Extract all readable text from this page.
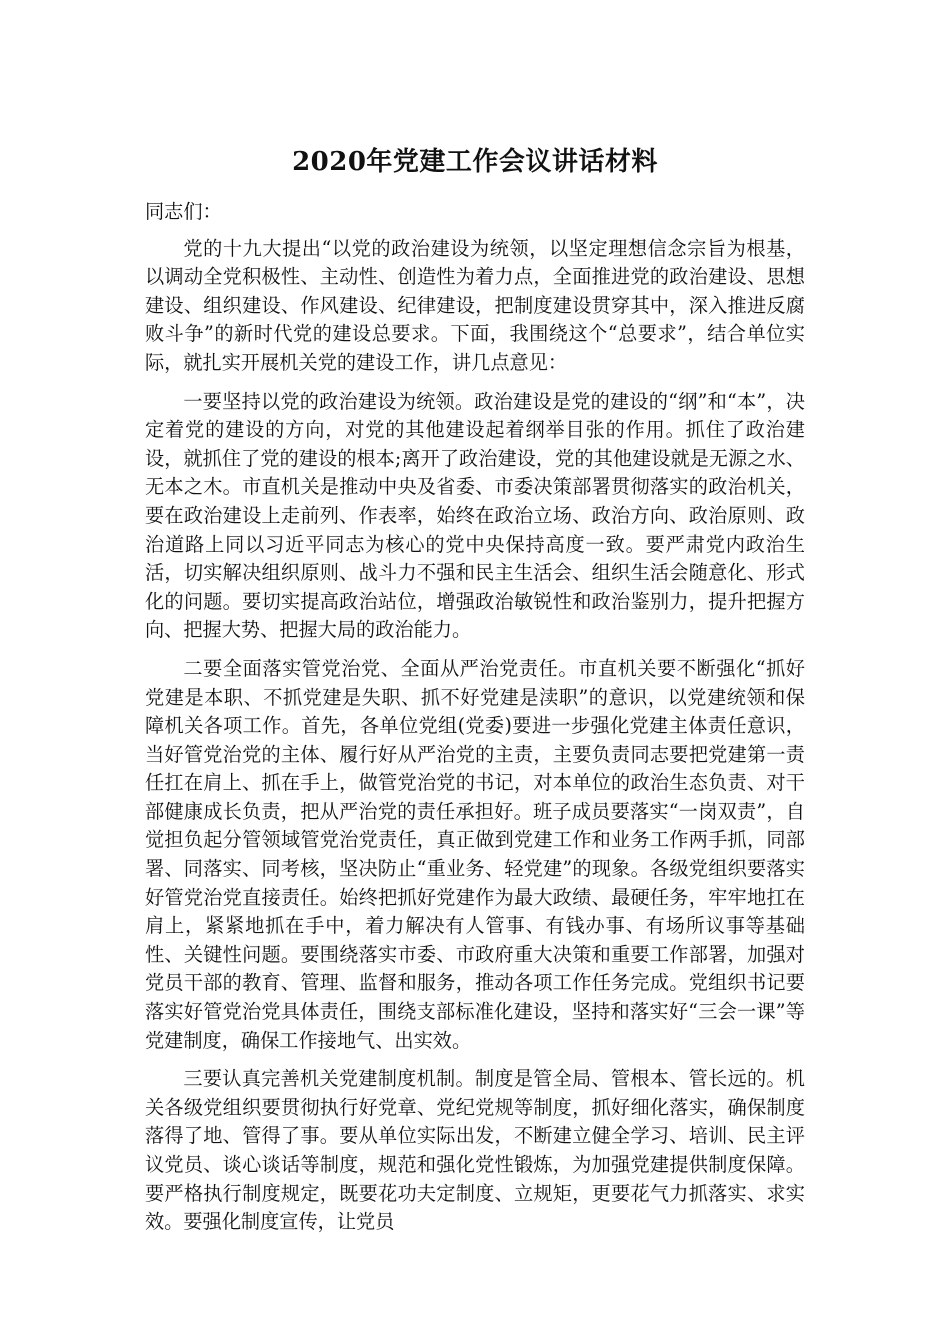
2020年党建工作会议讲话材料

同志们：

党的十九大提出“以党的政治建设为统领，以坚定理想信念宗旨为根基，以调动全党积极性、主动性、创造性为着力点，全面推进党的政治建设、思想建设、组织建设、作风建设、纪律建设，把制度建设贯穿其中，深入推进反腐败斗争”的新时代党的建设总要求。下面，我围绕这个“总要求”，结合单位实际，就扎实开展机关党的建设工作，讲几点意见：

一要坚持以党的政治建设为统领。政治建设是党的建设的“纲”和“本”，决定着党的建设的方向，对党的其他建设起着纲举目张的作用。抓住了政治建设，就抓住了党的建设的根本;离开了政治建设，党的其他建设就是无源之水、无本之木。市直机关是推动中央及省委、市委决策部署贯彻落实的政治机关，要在政治建设上走前列、作表率，始终在政治立场、政治方向、政治原则、政治道路上同以习近平同志为核心的党中央保持高度一致。要严肃党内政治生活，切实解决组织原则、战斗力不强和民主生活会、组织生活会随意化、形式化的问题。要切实提高政治站位，增强政治敏锐性和政治鉴别力，提升把握方向、把握大势、把握大局的政治能力。

二要全面落实管党治党、全面从严治党责任。市直机关要不断强化“抓好党建是本职、不抓党建是失职、抓不好党建是渎职”的意识，以党建统领和保障机关各项工作。首先，各单位党组(党委)要进一步强化党建主体责任意识，当好管党治党的主体、履行好从严治党的主责，主要负责同志要把党建第一责任扛在肩上、抓在手上，做管党治党的书记，对本单位的政治生态负责、对干部健康成长负责，把从严治党的责任承担好。班子成员要落实“一岗双责”，自觉担负起分管领域管党治党责任，真正做到党建工作和业务工作两手抓，同部署、同落实、同考核，坚决防止“重业务、轻党建”的现象。各级党组织要落实好管党治党直接责任。始终把抓好党建作为最大政绩、最硬任务，牢牢地扛在肩上，紧紧地抓在手中，着力解决有人管事、有钱办事、有场所议事等基础性、关键性问题。要围绕落实市委、市政府重大决策和重要工作部署，加强对党员干部的教育、管理、监督和服务，推动各项工作任务完成。党组织书记要落实好管党治党具体责任，围绕支部标准化建设，坚持和落实好“三会一课”等党建制度，确保工作接地气、出实效。

三要认真完善机关党建制度机制。制度是管全局、管根本、管长远的。机关各级党组织要贯彻执行好党章、党纪党规等制度，抓好细化落实，确保制度落得了地、管得了事。要从单位实际出发，不断建立健全学习、培训、民主评议党员、谈心谈话等制度，规范和强化党性锻炼，为加强党建提供制度保障。要严格执行制度规定，既要花功夫定制度、立规矩，更要花气力抓落实、求实效。要强化制度宣传，让党员
